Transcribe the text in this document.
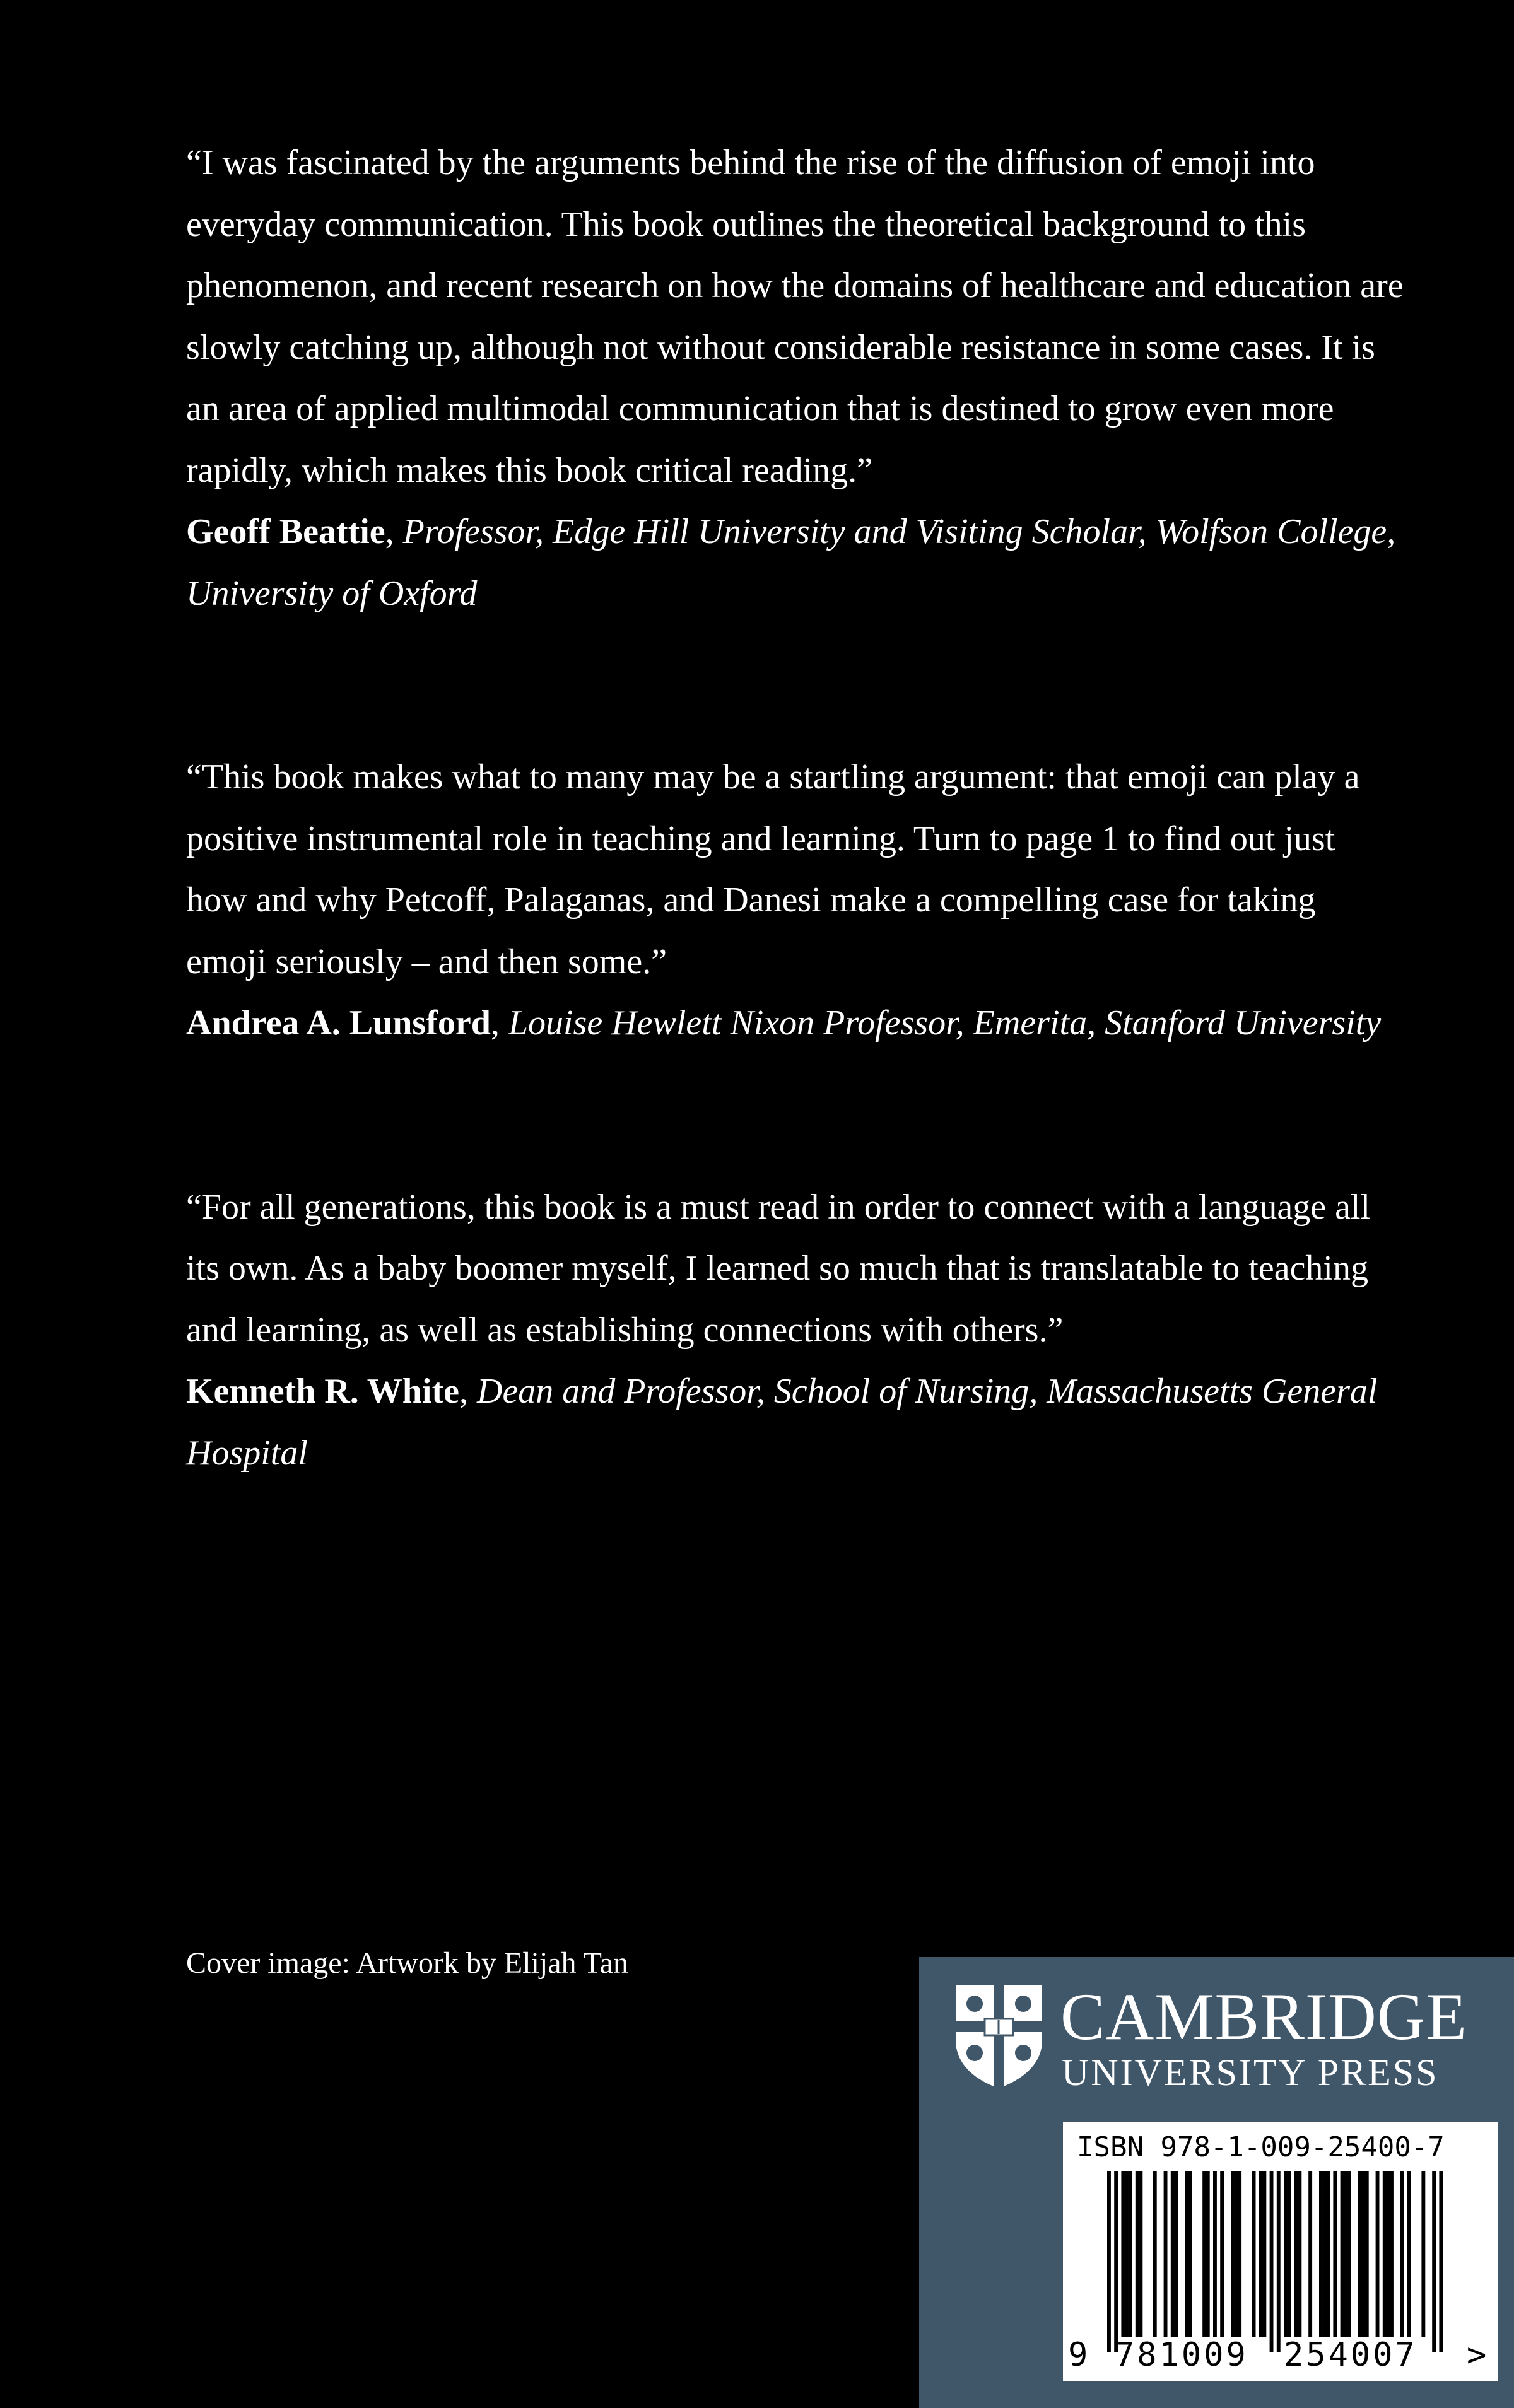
“I was fascinated by the arguments behind the rise of the diffusion of emoji into everyday communication. This book outlines the theoretical background to this phenomenon, and recent research on how the domains of healthcare and education are slowly catching up, although not without considerable resistance in some cases. It is an area of applied multimodal communication that is destined to grow even more rapidly, which makes this book critical reading.”

Geoff Beattie, Professor, Edge Hill University and Visiting Scholar, Wolfson College, University of Oxford

“This book makes what to many may be a startling argument: that emoji can play a positive instrumental role in teaching and learning. Turn to page 1 to find out just how and why Petcoff, Palaganas, and Danesi make a compelling case for taking emoji seriously – and then some.”

Andrea A. Lunsford, Louise Hewlett Nixon Professor, Emerita, Stanford University

“For all generations, this book is a must read in order to connect with a language all its own. As a baby boomer myself, I learned so much that is translatable to teaching and learning, as well as establishing connections with others.”

Kenneth R. White, Dean and Professor, School of Nursing, Massachusetts General Hospital

Cover image: Artwork by Elijah Tan

CAMBRIDGE

UNIVERSITY PRESS

ISBN 978-1-009-25400-7
9 781009 254007 >
